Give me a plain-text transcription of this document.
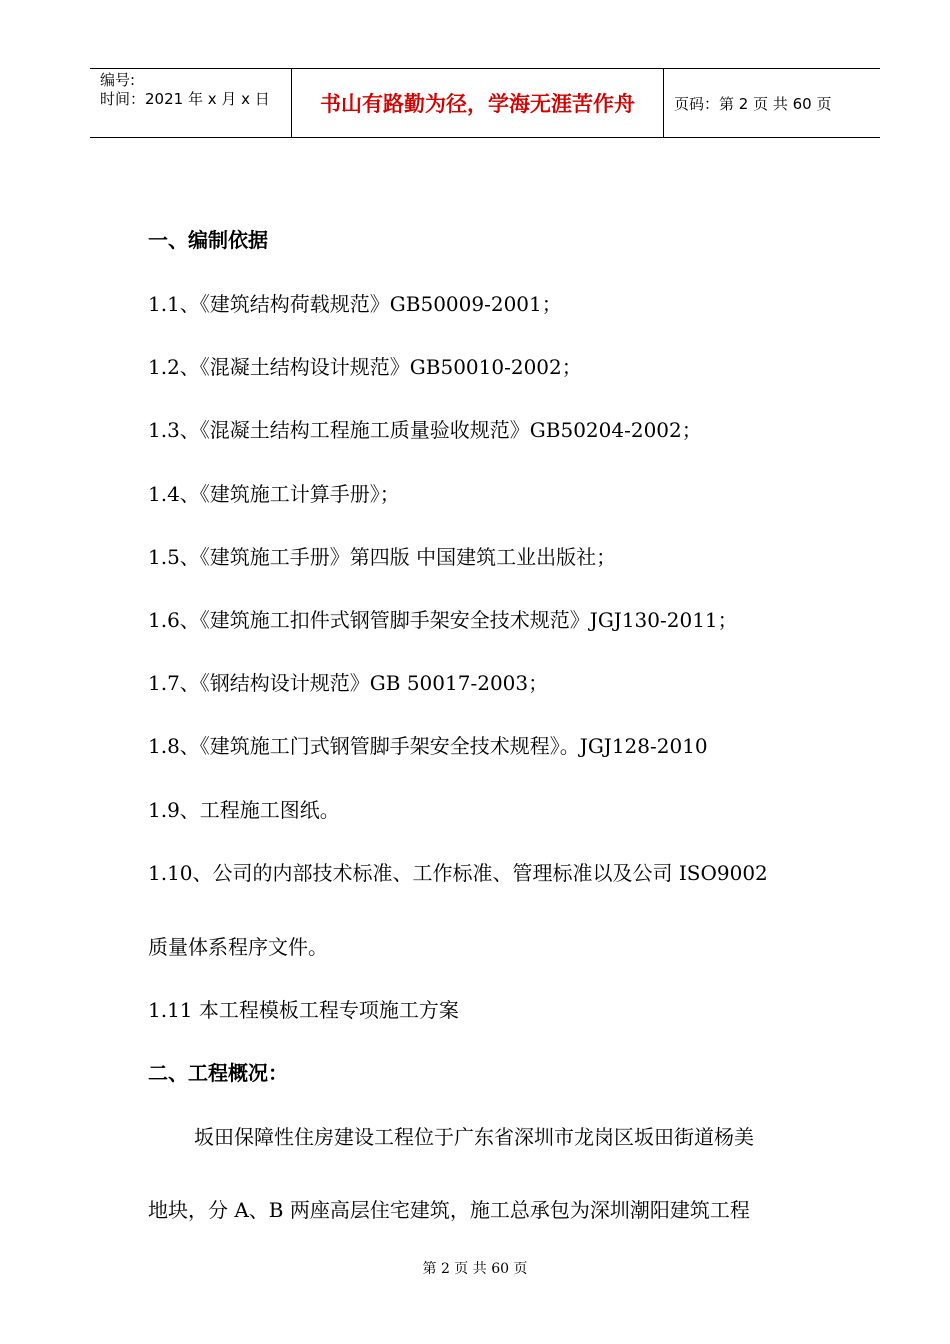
编号:
时间：2021 年 x 月 x 日	书山有路勤为径，学海无涯苦作舟	页码：第 2 页 共 60 页
一、编制依据
1.1、《建筑结构荷载规范》GB50009-2001；
1.2、《混凝土结构设计规范》GB50010-2002；
1.3、《混凝土结构工程施工质量验收规范》GB50204-2002；
1.4、《建筑施工计算手册》；
1.5、《建筑施工手册》第四版 中国建筑工业出版社；
1.6、《建筑施工扣件式钢管脚手架安全技术规范》JGJ130-2011；
1.7、《钢结构设计规范》GB 50017-2003；
1.8、《建筑施工门式钢管脚手架安全技术规程》。JGJ128-2010
1.9、工程施工图纸。
1.10、公司的内部技术标准、工作标准、管理标准以及公司 ISO9002
质量体系程序文件。
1.11 本工程模板工程专项施工方案
二、工程概况：
坂田保障性住房建设工程位于广东省深圳市龙岗区坂田街道杨美
地块，分 A、B 两座高层住宅建筑，施工总承包为深圳潮阳建筑工程
第 2 页 共 60 页
